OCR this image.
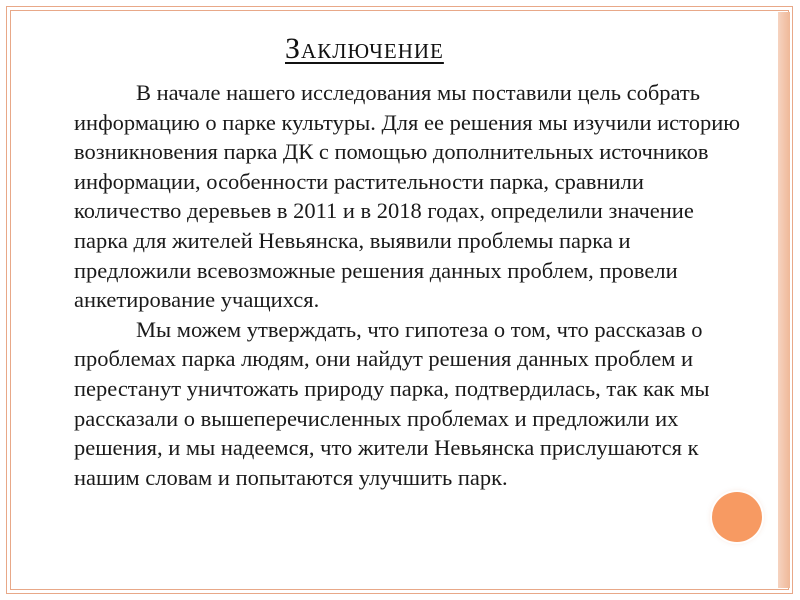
Заключение

В начале нашего исследования мы поставили цель собрать информацию о парке культуры. Для ее решения мы изучили историю возникновения парка ДК с помощью дополнительных источников информации, особенности растительности парка, сравнили количество деревьев в 2011 и в 2018 годах, определили значение парка для жителей Невьянска, выявили проблемы парка и предложили всевозможные решения данных проблем, провели анкетирование учащихся.

Мы можем утверждать, что гипотеза о том, что рассказав о проблемах парка людям, они найдут решения данных проблем и перестанут уничтожать природу парка, подтвердилась, так как мы рассказали о вышеперечисленных проблемах и предложили их решения, и мы надеемся, что жители Невьянска прислушаются к нашим словам и попытаются улучшить парк.
